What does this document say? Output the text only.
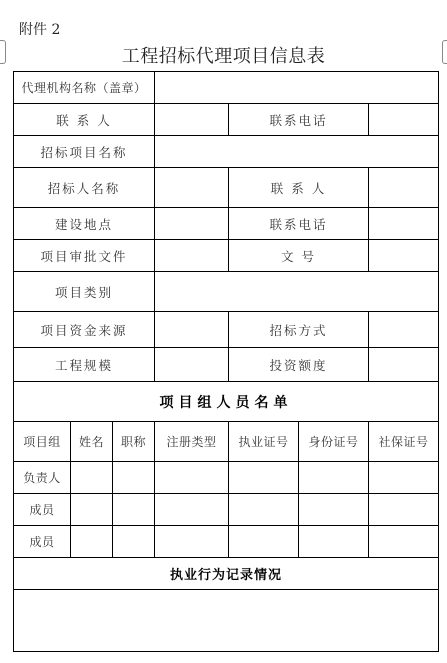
附件 2
工程招标代理项目信息表
代理机构名称（盖章）
联 系 人	联系电话
招标项目名称
招标人名称	联 系 人
建设地点	联系电话
项目审批文件	文 号
项目类别
项目资金来源	招标方式
工程规模	投资额度
项目组人员名单
项目组	姓名	职称	注册类型	执业证号	身份证号	社保证号
负责人
成员
成员
执业行为记录情况
